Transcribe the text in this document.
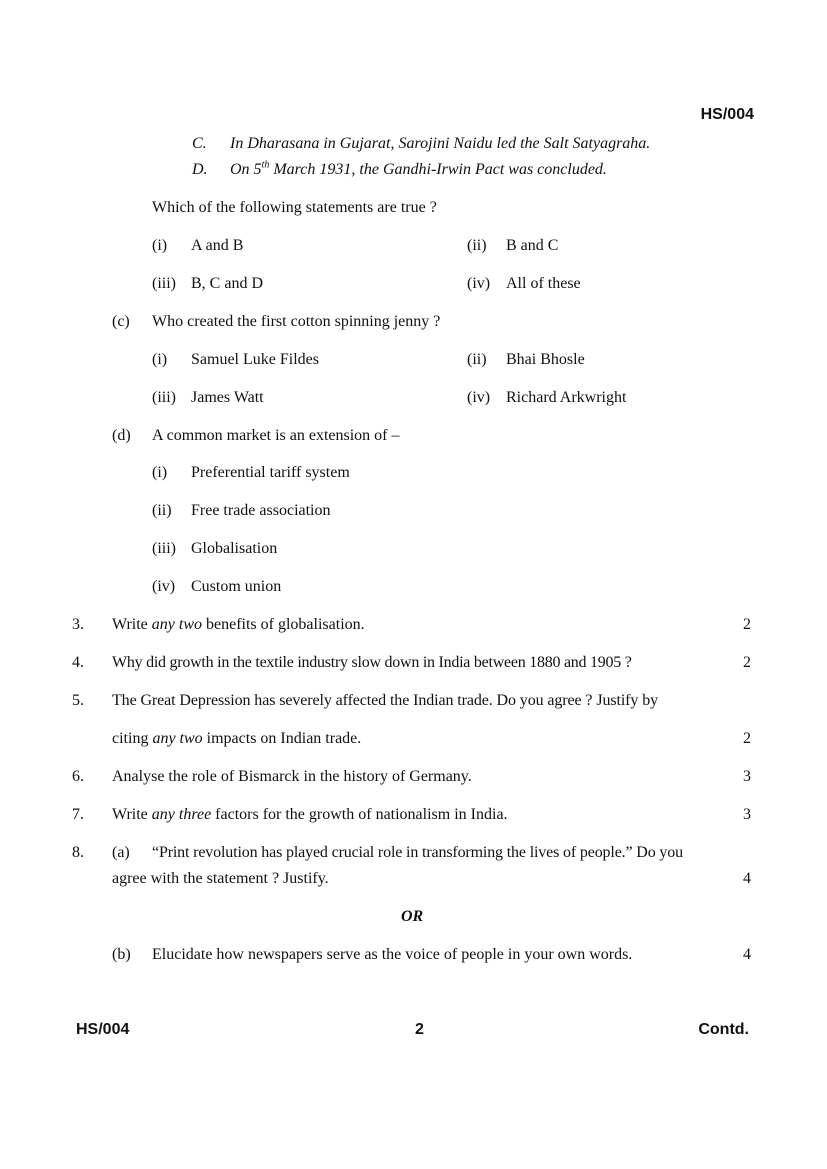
HS/004
C. In Dharasana in Gujarat, Sarojini Naidu led the Salt Satyagraha.
D. On 5th March 1931, the Gandhi-Irwin Pact was concluded.
Which of the following statements are true ?
(i) A and B	(ii) B and C
(iii) B, C and D	(iv) All of these
(c) Who created the first cotton spinning jenny ?
(i) Samuel Luke Fildes	(ii) Bhai Bhosle
(iii) James Watt	(iv) Richard Arkwright
(d) A common market is an extension of –
(i) Preferential tariff system
(ii) Free trade association
(iii) Globalisation
(iv) Custom union
3. Write any two benefits of globalisation.	2
4. Why did growth in the textile industry slow down in India between 1880 and 1905 ?	2
5. The Great Depression has severely affected the Indian trade. Do you agree ? Justify by
citing any two impacts on Indian trade.	2
6. Analyse the role of Bismarck in the history of Germany.	3
7. Write any three factors for the growth of nationalism in India.	3
8. (a) “Print revolution has played crucial role in transforming the lives of people.” Do you
agree with the statement ? Justify.	4
OR
(b) Elucidate how newspapers serve as the voice of people in your own words.	4
HS/004	2	Contd.
